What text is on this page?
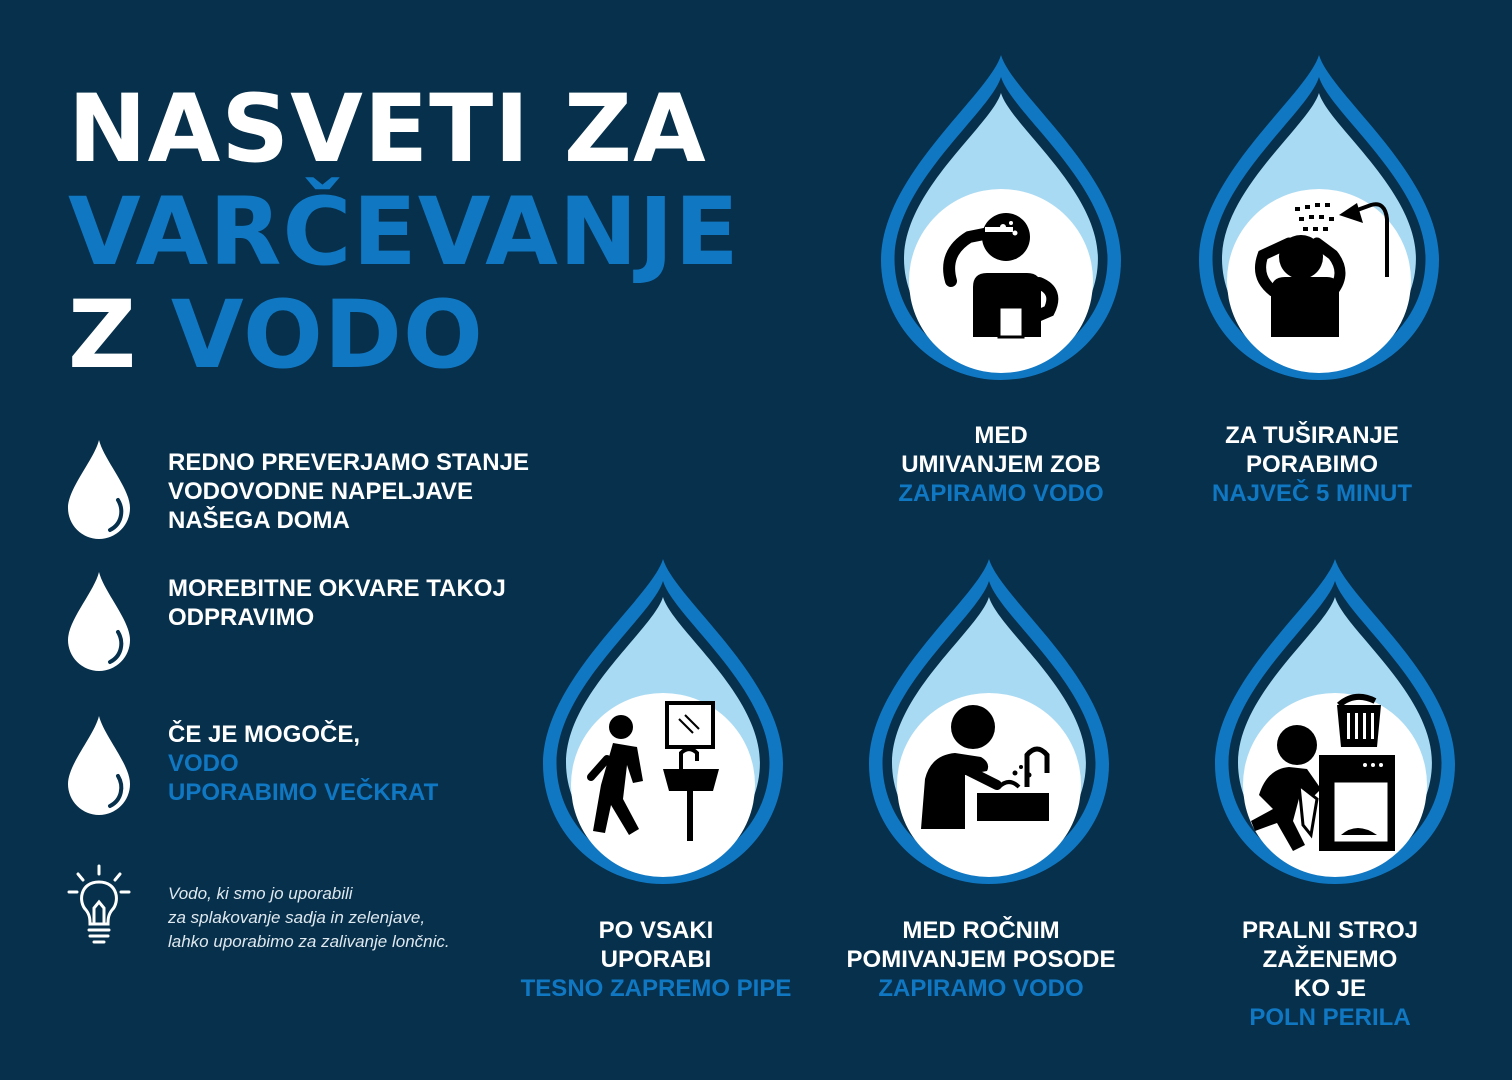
NASVETI ZA
VARČEVANJE
Z VODO
REDNO PREVERJAMO STANJE
VODOVODNE NAPELJAVE
NAŠEGA DOMA
MOREBITNE OKVARE TAKOJ
ODPRAVIMO
ČE JE MOGOČE,
VODO
UPORABIMO VEČKRAT
Vodo, ki smo jo uporabili
za splakovanje sadja in zelenjave,
lahko uporabimo za zalivanje lončnic.
MED
UMIVANJEM ZOB
ZAPIRAMO VODO
ZA TUŠIRANJE
PORABIMO
NAJVEČ 5 MINUT
PO VSAKI
UPORABI
TESNO ZAPREMO PIPE
MED ROČNIM
POMIVANJEM POSODE
ZAPIRAMO VODO
PRALNI STROJ
ZAŽENEMO
KO JE
POLN PERILA
